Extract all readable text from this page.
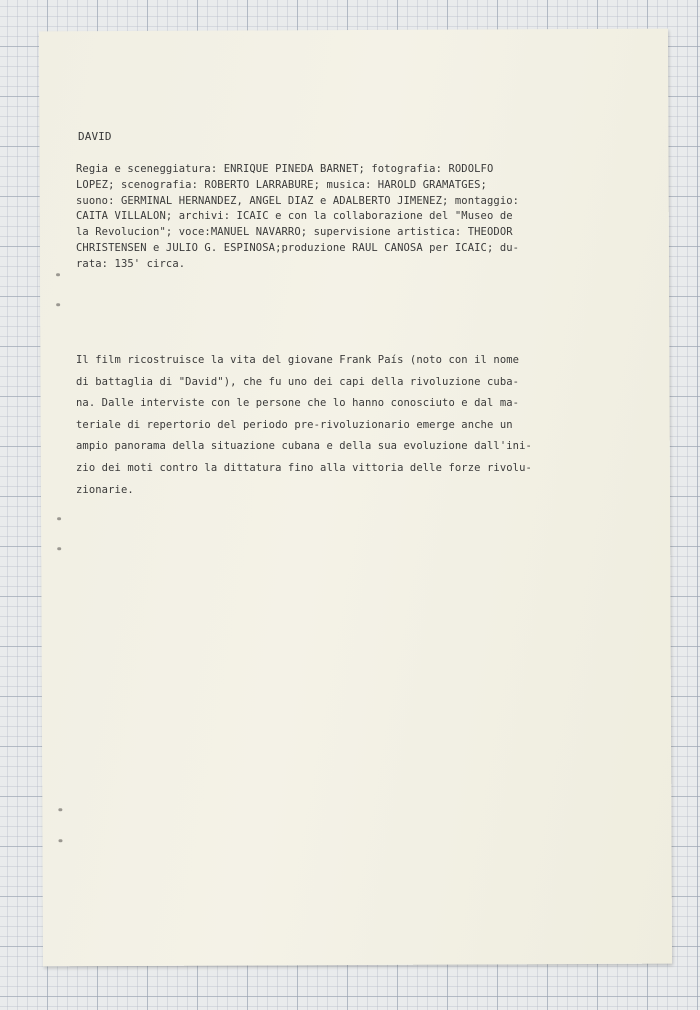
DAVID
Regia e sceneggiatura: ENRIQUE PINEDA BARNET; fotografia: RODOLFO
LOPEZ; scenografia: ROBERTO LARRABURE; musica: HAROLD GRAMATGES;
suono: GERMINAL HERNANDEZ, ANGEL DIAZ e ADALBERTO JIMENEZ; montaggio:
CAITA VILLALON; archivi: ICAIC e con la collaborazione del "Museo de
la Revolucion"; voce:MANUEL NAVARRO; supervisione artistica: THEODOR
CHRISTENSEN e JULIO G. ESPINOSA;produzione RAUL CANOSA per ICAIC; du-
rata: 135' circa.
Il film ricostruisce la vita del giovane Frank País (noto con il nome
di battaglia di "David"), che fu uno dei capi della rivoluzione cuba-
na. Dalle interviste con le persone che lo hanno conosciuto e dal ma-
teriale di repertorio del periodo pre-rivoluzionario emerge anche un
ampio panorama della situazione cubana e della sua evoluzione dall'ini-
zio dei moti contro la dittatura fino alla vittoria delle forze rivolu-
zionarie.
